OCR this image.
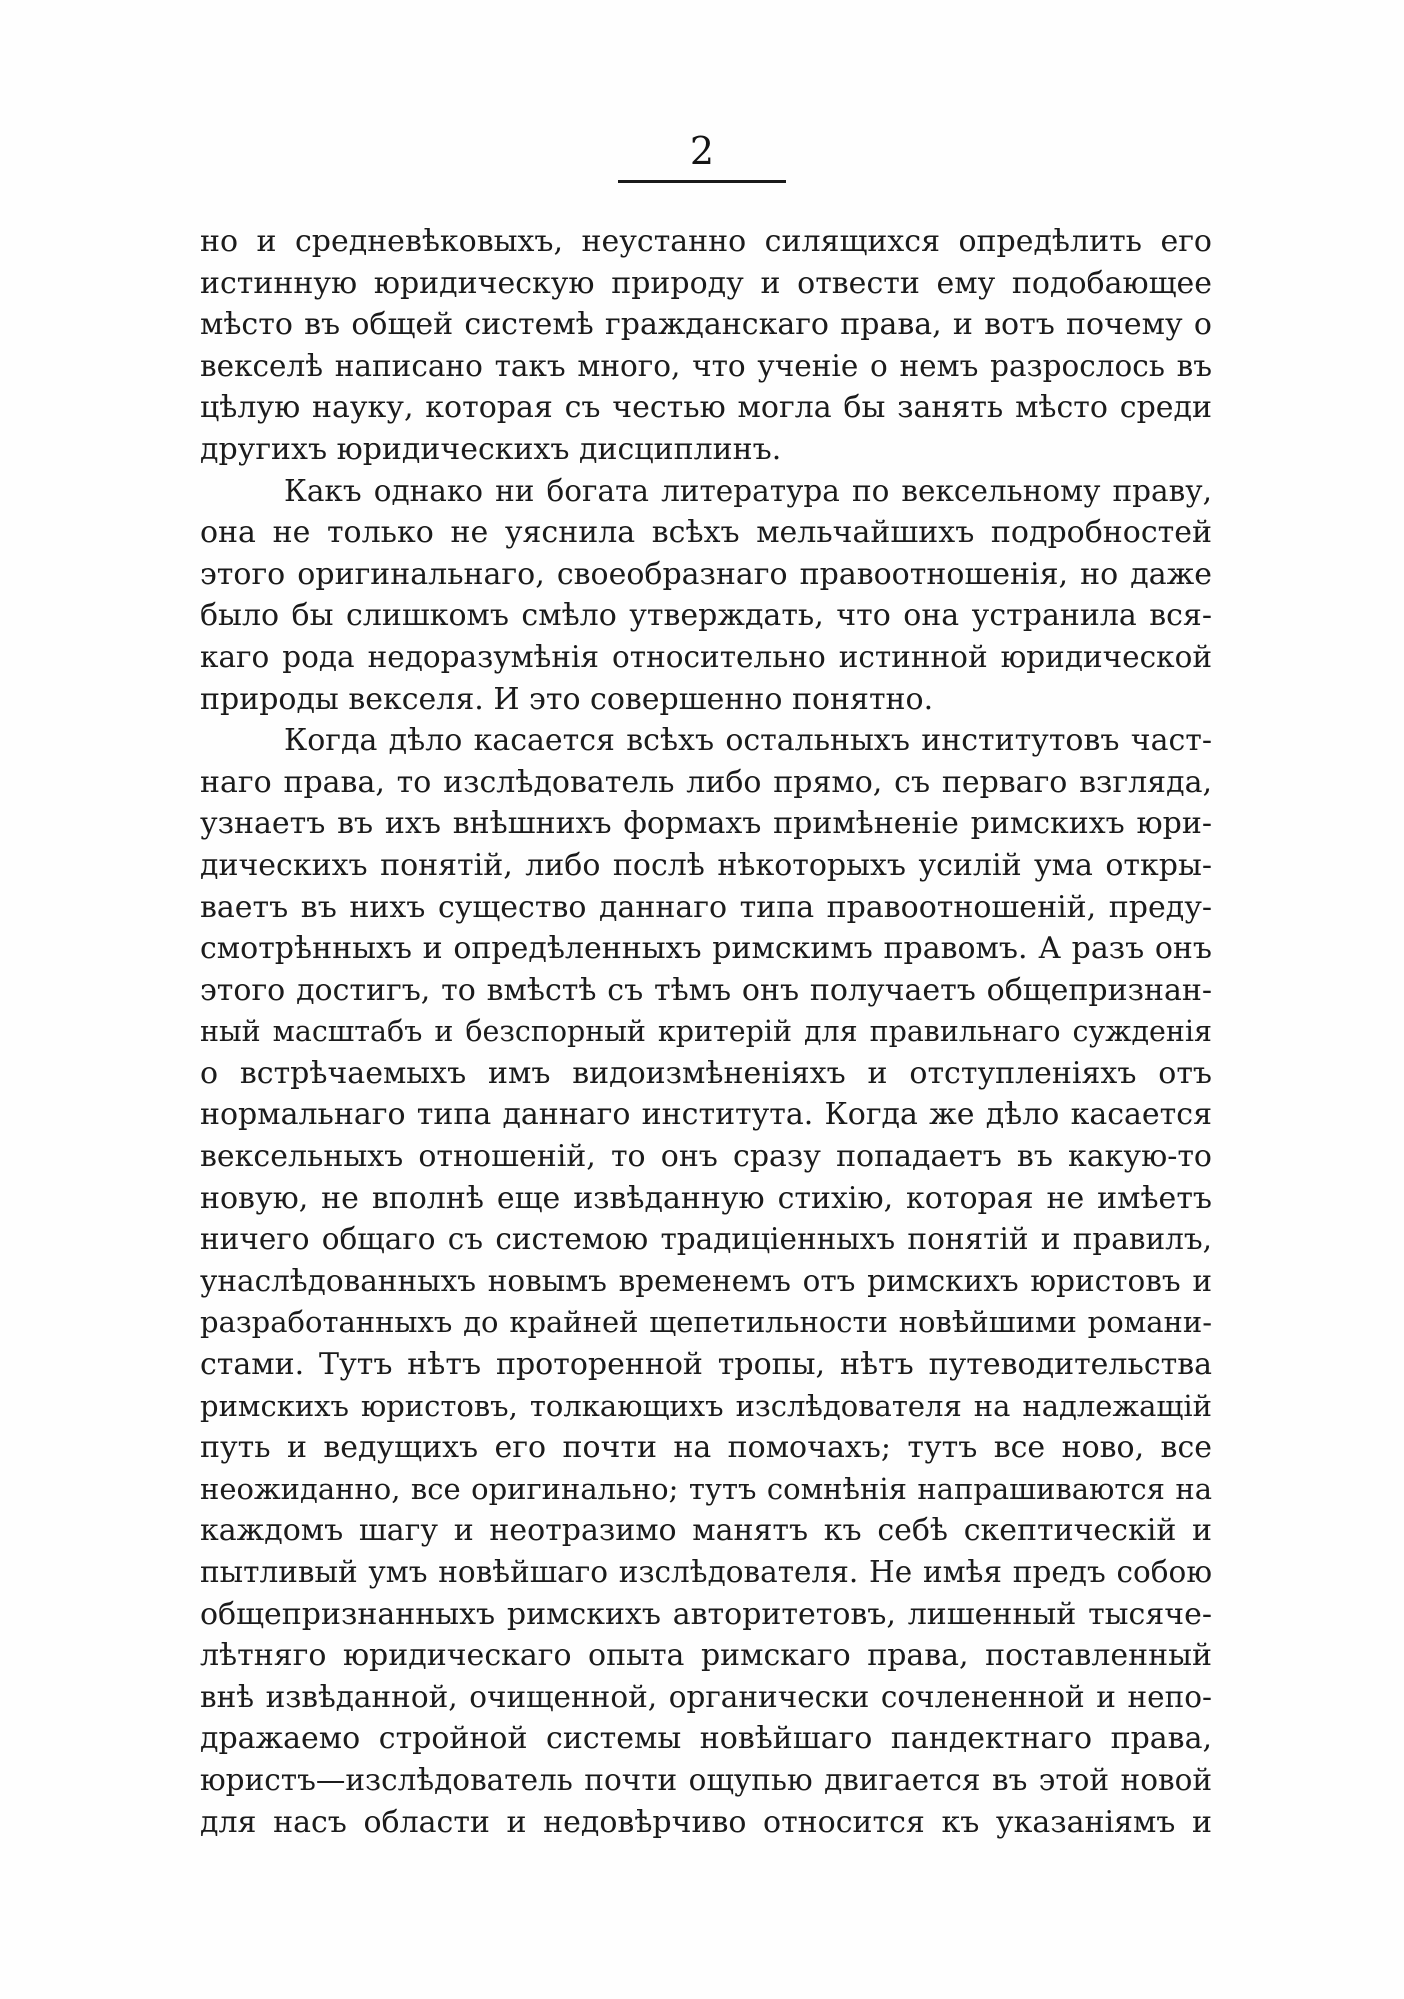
2
но и средневѣковыхъ, неустанно силящихся опредѣлить его
истинную юридическую природу и отвести ему подобающее
мѣсто въ общей системѣ гражданскаго права, и вотъ почему о
векселѣ написано такъ много, что ученіе о немъ разрослось въ
цѣлую науку, которая съ честью могла бы занять мѣсто среди
другихъ юридическихъ дисциплинъ.
Какъ однако ни богата литература по вексельному праву,
она не только не уяснила всѣхъ мельчайшихъ подробностей
этого оригинальнаго, своеобразнаго правоотношенія, но даже
было бы слишкомъ смѣло утверждать, что она устранила вся-
каго рода недоразумѣнія относительно истинной юридической
природы векселя. И это совершенно понятно.
Когда дѣло касается всѣхъ остальныхъ институтовъ част-
наго права, то изслѣдователь либо прямо, съ перваго взгляда,
узнаетъ въ ихъ внѣшнихъ формахъ примѣненіе римскихъ юри-
дическихъ понятій, либо послѣ нѣкоторыхъ усилій ума откры-
ваетъ въ нихъ существо даннаго типа правоотношеній, преду-
смотрѣнныхъ и опредѣленныхъ римскимъ правомъ. А разъ онъ
этого достигъ, то вмѣстѣ съ тѣмъ онъ получаетъ общепризнан-
ный масштабъ и безспорный критерій для правильнаго сужденія
о встрѣчаемыхъ имъ видоизмѣненіяхъ и отступленіяхъ отъ
нормальнаго типа даннаго института. Когда же дѣло касается
вексельныхъ отношеній, то онъ сразу попадаетъ въ какую-то
новую, не вполнѣ еще извѣданную стихію, которая не имѣетъ
ничего общаго съ системою традиціенныхъ понятій и правилъ,
унаслѣдованныхъ новымъ временемъ отъ римскихъ юристовъ и
разработанныхъ до крайней щепетильности новѣйшими романи-
стами. Тутъ нѣтъ протоpенной тропы, нѣтъ путеводительства
римскихъ юристовъ, толкающихъ изслѣдователя на надлежащій
путь и ведущихъ его почти на помочахъ; тутъ все ново, все
неожиданно, все оригинально; тутъ сомнѣнія напрашиваются на
каждомъ шагу и неотразимо манятъ къ себѣ скептическій и
пытливый умъ новѣйшаго изслѣдователя. Не имѣя предъ собою
общепризнанныхъ римскихъ авторитетовъ, лишенный тысяче-
лѣтняго юридическаго опыта римскаго права, поставленный
внѣ извѣданной, очищенной, органически сочлененной и непо-
дражаемо стройной системы новѣйшаго пандектнаго права,
юристъ—изслѣдователь почти ощупью двигается въ этой новой
для насъ области и недовѣрчиво относится къ указаніямъ и
